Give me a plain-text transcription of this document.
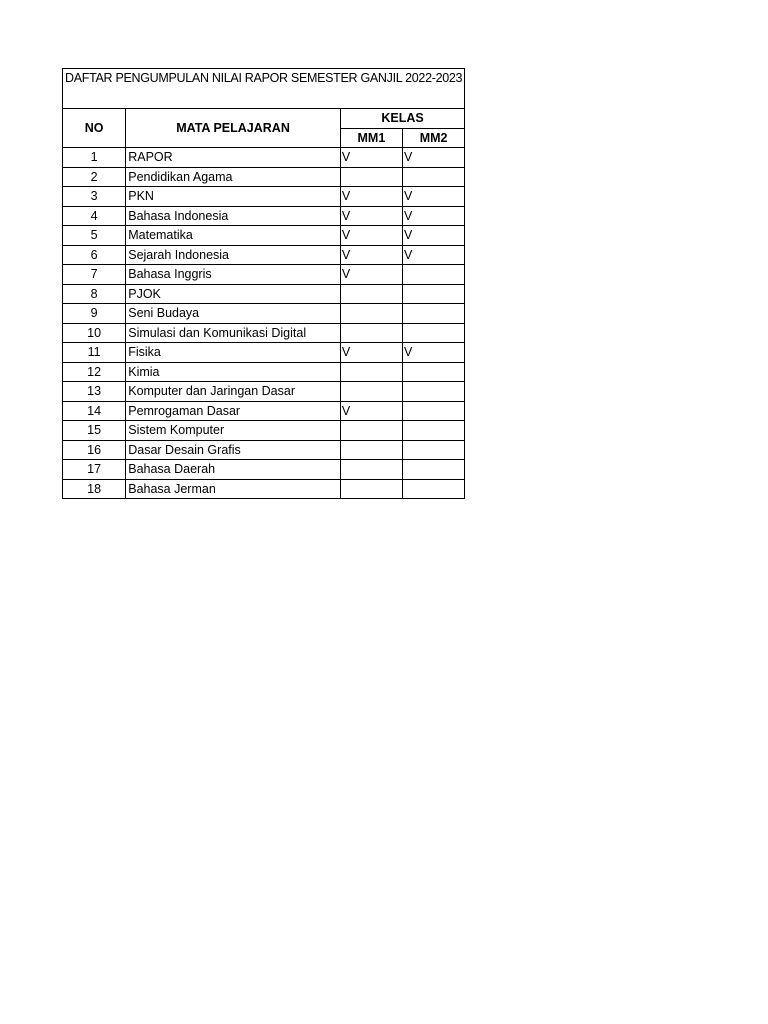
DAFTAR PENGUMPULAN NILAI RAPOR SEMESTER GANJIL 2022-2023			
NO	MATA PELAJARAN	KELAS	
		MM1	MM2
1	RAPOR	V	V
2	Pendidikan Agama		
3	PKN	V	V
4	Bahasa Indonesia	V	V
5	Matematika	V	V
6	Sejarah Indonesia	V	V
7	Bahasa Inggris	V	
8	PJOK		
9	Seni Budaya		
10	Simulasi dan Komunikasi Digital		
11	Fisika	V	V
12	Kimia		
13	Komputer dan Jaringan Dasar		
14	Pemrogaman Dasar	V	
15	Sistem Komputer		
16	Dasar Desain Grafis		
17	Bahasa Daerah		
18	Bahasa Jerman		
